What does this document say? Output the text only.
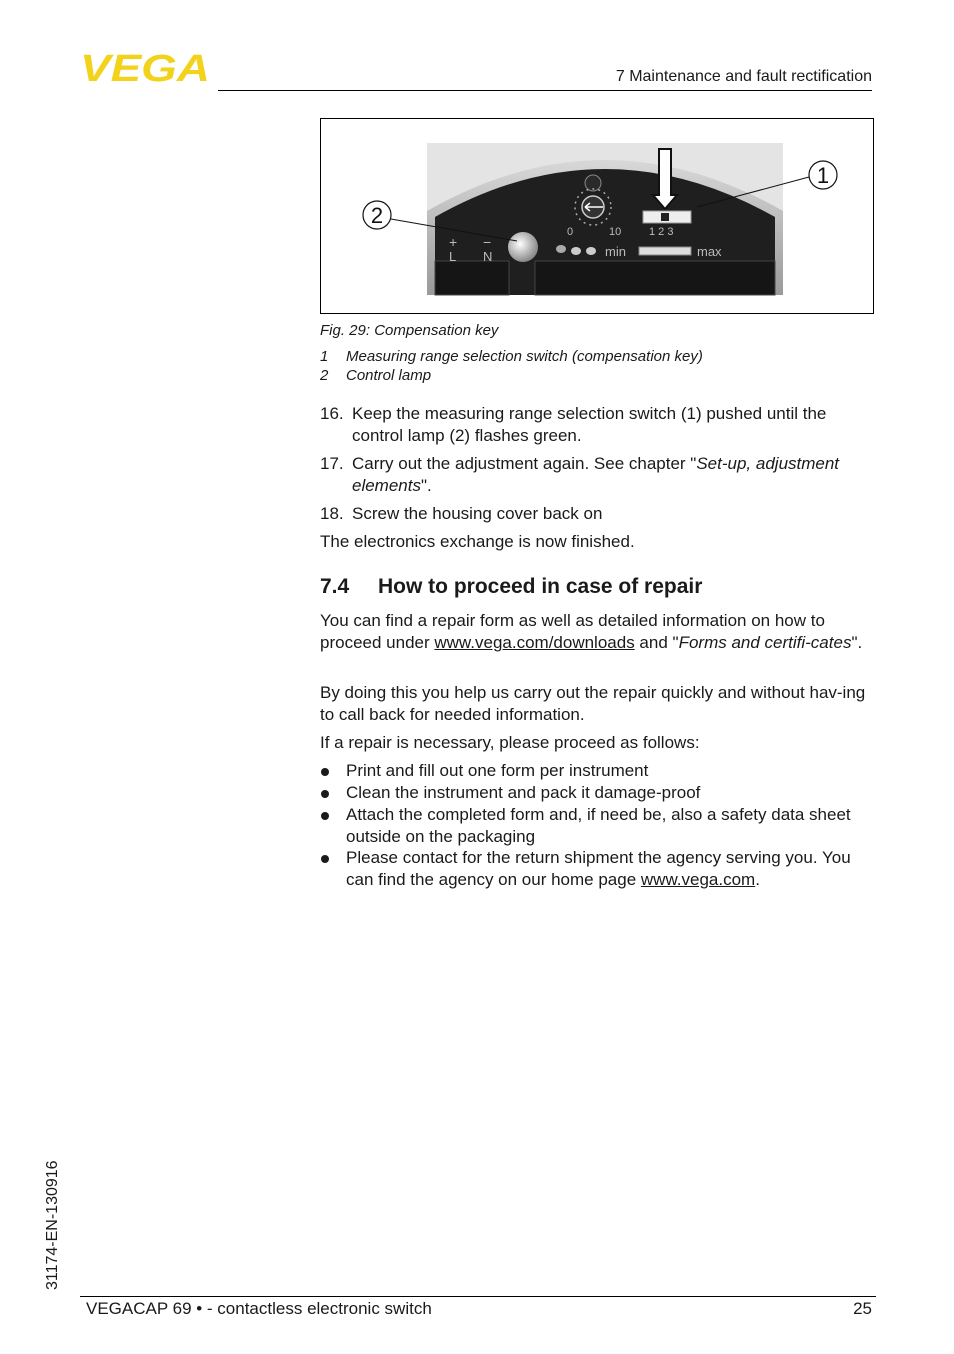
VEGA	7 Maintenance and fault rectification
+ −
L N
0	10	1 2 3
min	max
1
2
Fig. 29: Compensation key
1 Measuring range selection switch (compensation key)
2 Control lamp
16. Keep the measuring range selection switch (1) pushed until the control lamp (2) flashes green.
17. Carry out the adjustment again. See chapter "Set-up, adjustment elements".
18. Screw the housing cover back on
The electronics exchange is now finished.
7.4 How to proceed in case of repair
You can find a repair form as well as detailed information on how to proceed under www.vega.com/downloads and "Forms and certifi-cates".
By doing this you help us carry out the repair quickly and without hav-ing to call back for needed information.
If a repair is necessary, please proceed as follows:
Print and fill out one form per instrument
Clean the instrument and pack it damage-proof
Attach the completed form and, if need be, also a safety data sheet outside on the packaging
Please contact for the return shipment the agency serving you. You can find the agency on our home page www.vega.com.
31174-EN-130916
VEGACAP 69 • - contactless electronic switch	25
